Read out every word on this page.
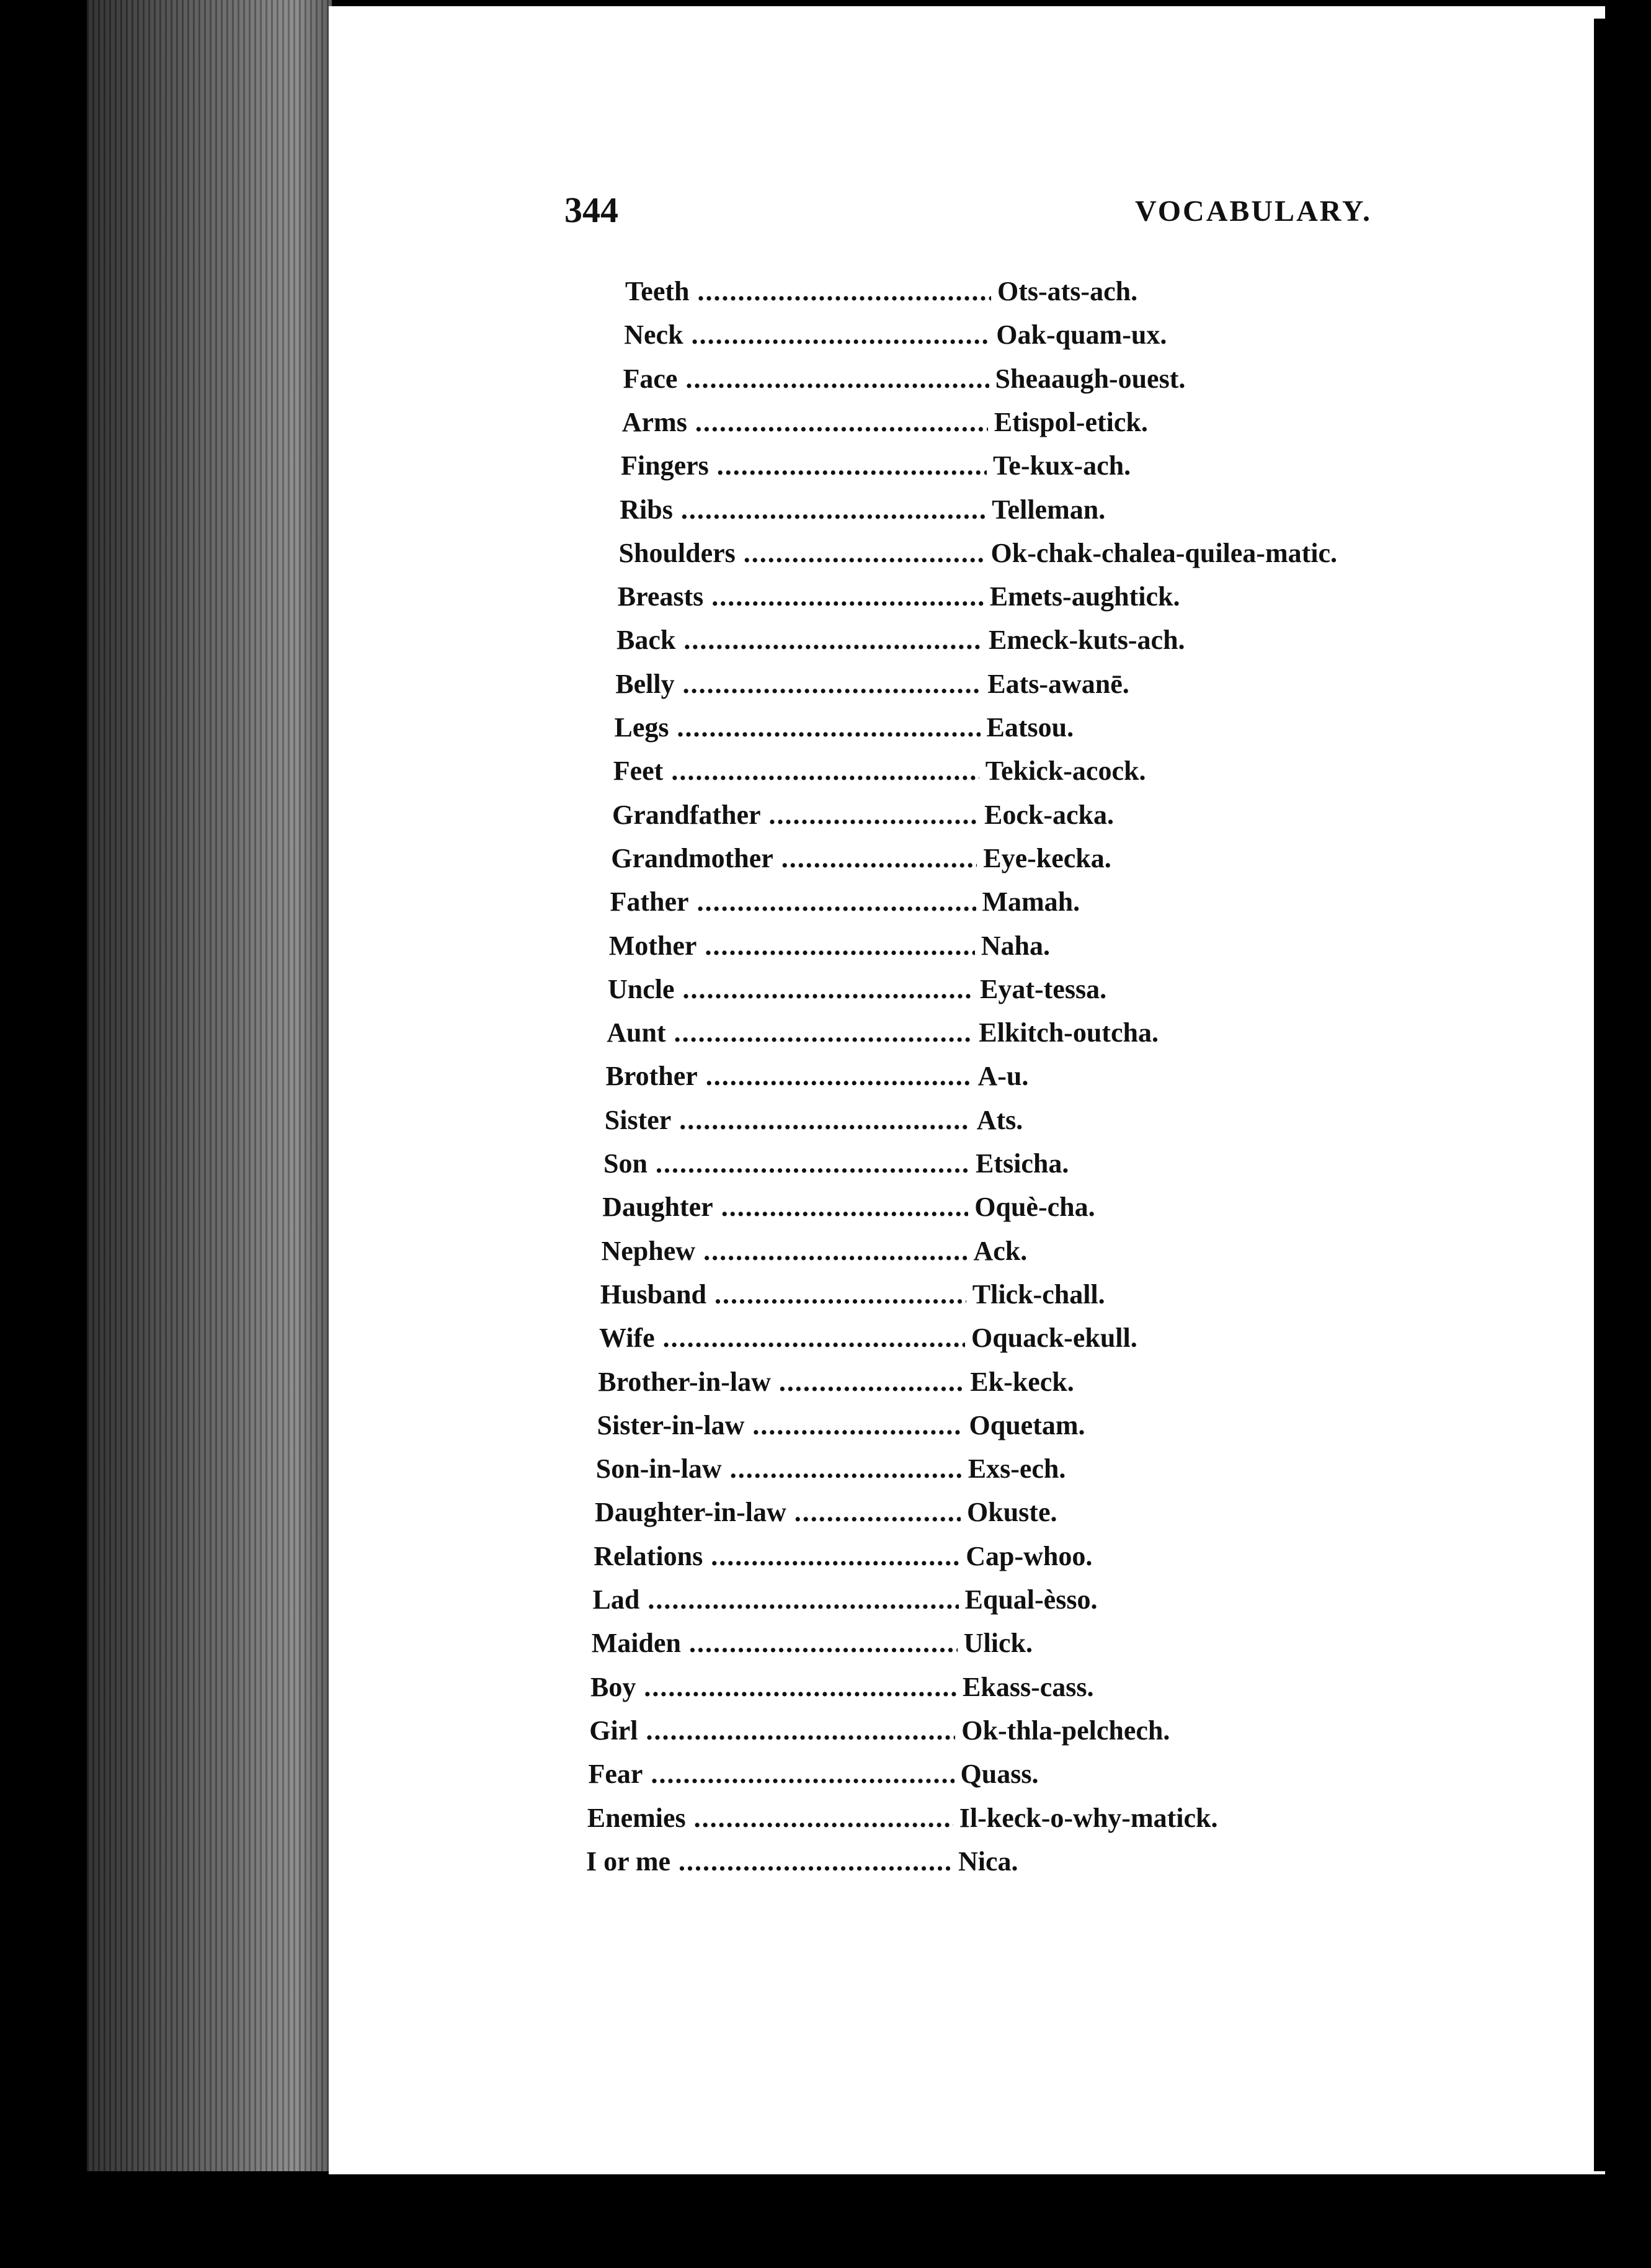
344	VOCABULARY.
Teeth .....	Ots-ats-ach.
Neck .....	Oak-quam-ux.
Face .....	Sheaaugh-ouest.
Arms .....	Etispol-etick.
Fingers .....	Te-kux-ach.
Ribs .....	Telleman.
Shoulders .....	Ok-chak-chalea-quilea-matic.
Breasts .....	Emets-aughtick.
Back .....	Emeck-kuts-ach.
Belly .....	Eats-awanē.
Legs .....	Eatsou.
Feet .....	Tekick-acock.
Grandfather .....	Eock-acka.
Grandmother .....	Eye-kecka.
Father .....	Mamah.
Mother .....	Naha.
Uncle .....	Eyat-tessa.
Aunt .....	Elkitch-outcha.
Brother .....	A-u.
Sister .....	Ats.
Son .....	Etsicha.
Daughter .....	Oquè-cha.
Nephew .....	Ack.
Husband .....	Tlick-chall.
Wife .....	Oquack-ekull.
Brother-in-law .....	Ek-keck.
Sister-in-law .....	Oquetam.
Son-in-law .....	Exs-ech.
Daughter-in-law .....	Okuste.
Relations .....	Cap-whoo.
Lad .....	Equal-èsso.
Maiden .....	Ulick.
Boy .....	Ekass-cass.
Girl .....	Ok-thla-pelchech.
Fear .....	Quass.
Enemies .....	Il-keck-o-why-matick.
I or me .....	Nica.
